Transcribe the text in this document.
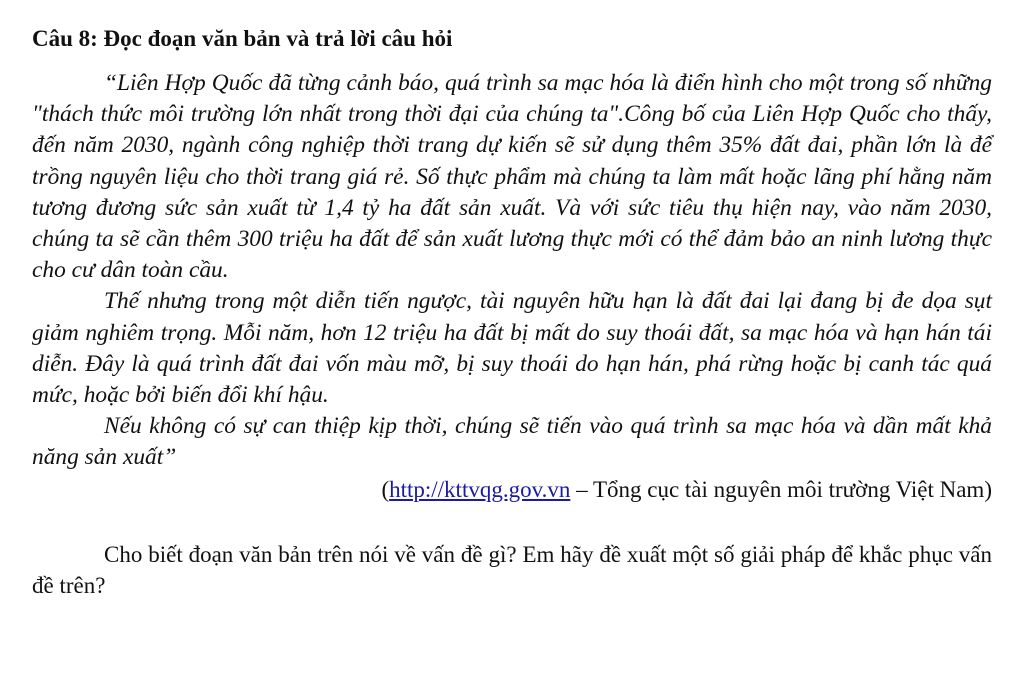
Câu 8: Đọc đoạn văn bản và trả lời câu hỏi

“Liên Hợp Quốc đã từng cảnh báo, quá trình sa mạc hóa là điển hình cho một trong số những "thách thức môi trường lớn nhất trong thời đại của chúng ta".Công bố của Liên Hợp Quốc cho thấy, đến năm 2030, ngành công nghiệp thời trang dự kiến sẽ sử dụng thêm 35% đất đai, phần lớn là để trồng nguyên liệu cho thời trang giá rẻ. Số thực phẩm mà chúng ta làm mất hoặc lãng phí hằng năm tương đương sức sản xuất từ 1,4 tỷ ha đất sản xuất. Và với sức tiêu thụ hiện nay, vào năm 2030, chúng ta sẽ cần thêm 300 triệu ha đất để sản xuất lương thực mới có thể đảm bảo an ninh lương thực cho cư dân toàn cầu.

Thế nhưng trong một diễn tiến ngược, tài nguyên hữu hạn là đất đai lại đang bị đe dọa sụt giảm nghiêm trọng. Mỗi năm, hơn 12 triệu ha đất bị mất do suy thoái đất, sa mạc hóa và hạn hán tái diễn. Đây là quá trình đất đai vốn màu mỡ, bị suy thoái do hạn hán, phá rừng hoặc bị canh tác quá mức, hoặc bởi biến đổi khí hậu.

Nếu không có sự can thiệp kịp thời, chúng sẽ tiến vào quá trình sa mạc hóa và dần mất khả năng sản xuất”

(http://kttvqg.gov.vn – Tổng cục tài nguyên môi trường Việt Nam)

Cho biết đoạn văn bản trên nói về vấn đề gì? Em hãy đề xuất một số giải pháp để khắc phục vấn đề trên?
